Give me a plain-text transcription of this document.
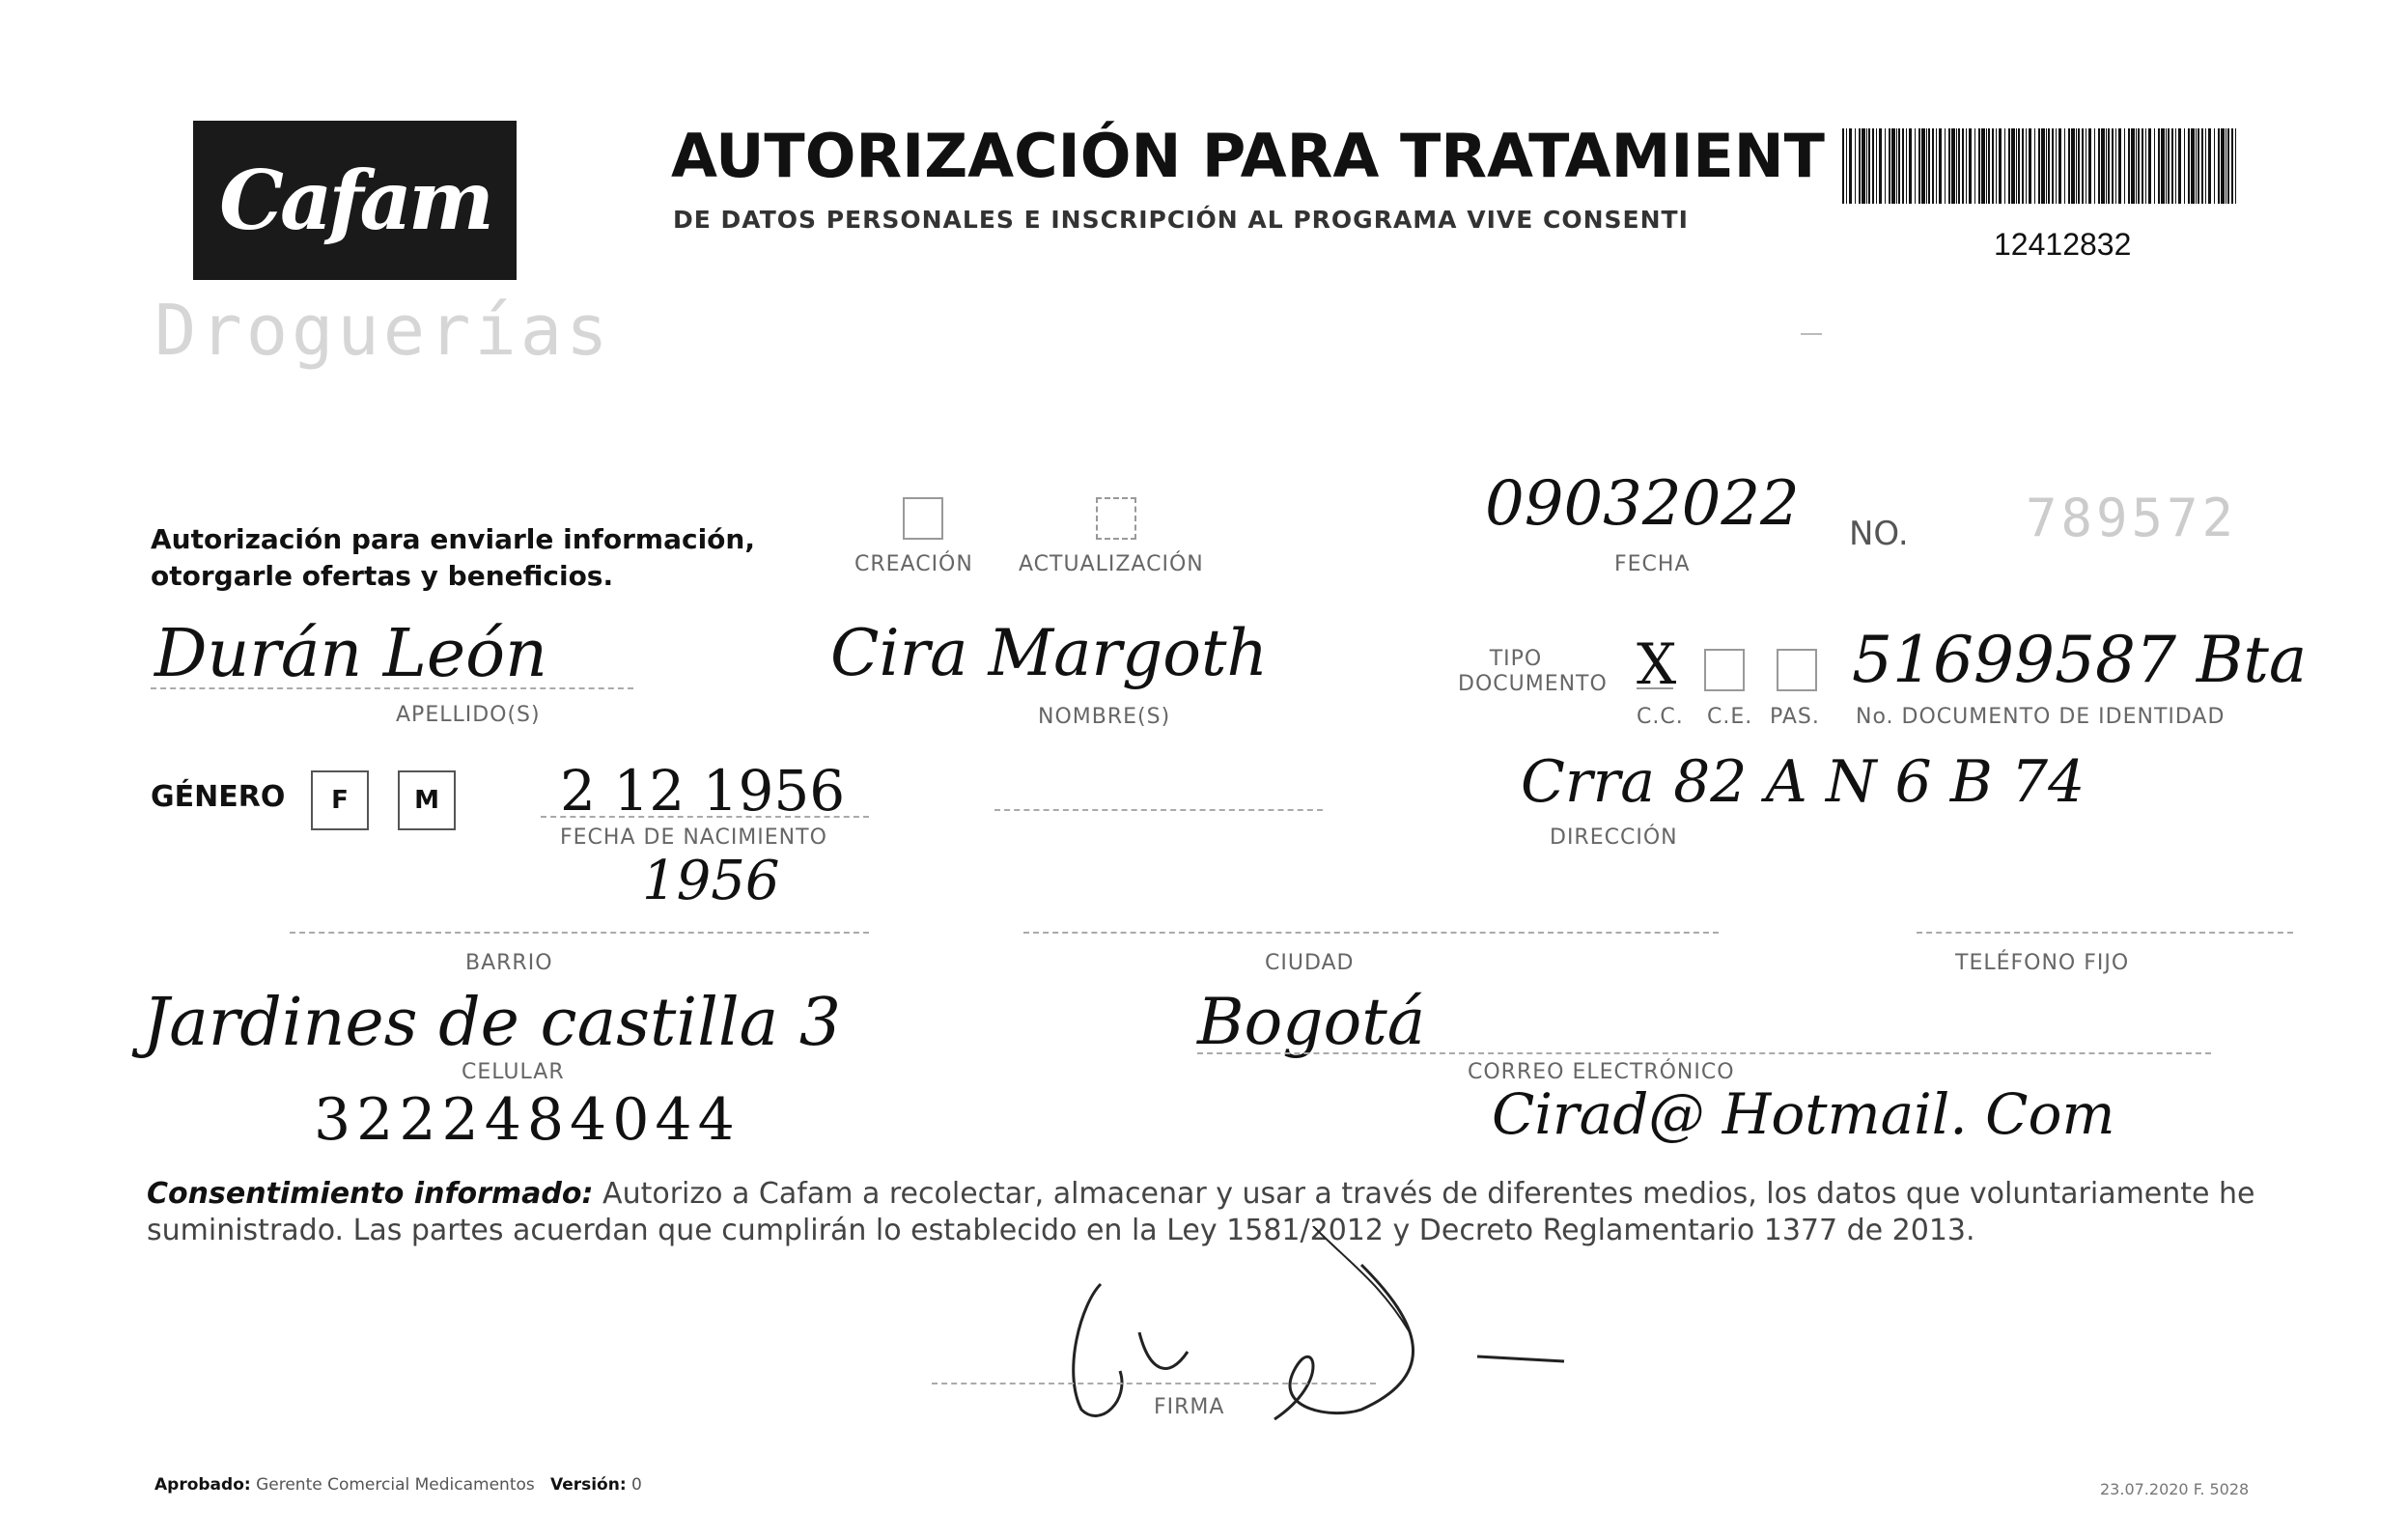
Cafam
Droguerías
AUTORIZACIÓN PARA TRATAMIENT
DE DATOS PERSONALES E INSCRIPCIÓN AL PROGRAMA VIVE CONSENTI
12412832
Autorización para enviarle información,
otorgarle ofertas y beneficios.	CREACIÓN ACTUALIZACIÓN
09032022
FECHA
NO. 789572
Durán León
APELLIDO(S)
Cira Margoth
NOMBRE(S)
TIPO DOCUMENTO X
C.C. C.E. PAS.
51699587 Bta
No. DOCUMENTO DE IDENTIDAD
GÉNERO	F	M 2 12 1956
FECHA DE NACIMIENTO
1956
Crra 82 A N 6 B 74
DIRECCIÓN
BARRIO	CIUDAD	TELÉFONO FIJO
Jardines de castilla 3	Bogotá
CELULAR
3222484044
CORREO ELECTRÓNICO
Cirad@ Hotmail. Com
Consentimiento informado: Autorizo a Cafam a recolectar, almacenar y usar a través de diferentes medios, los datos que voluntariamente he suministrado. Las partes acuerdan que cumplirán lo establecido en la Ley 1581/2012 y Decreto Reglamentario 1377 de 2013.
FIRMA
Aprobado: Gerente Comercial Medicamentos Versión: 0	23.07.2020 F. 5028
